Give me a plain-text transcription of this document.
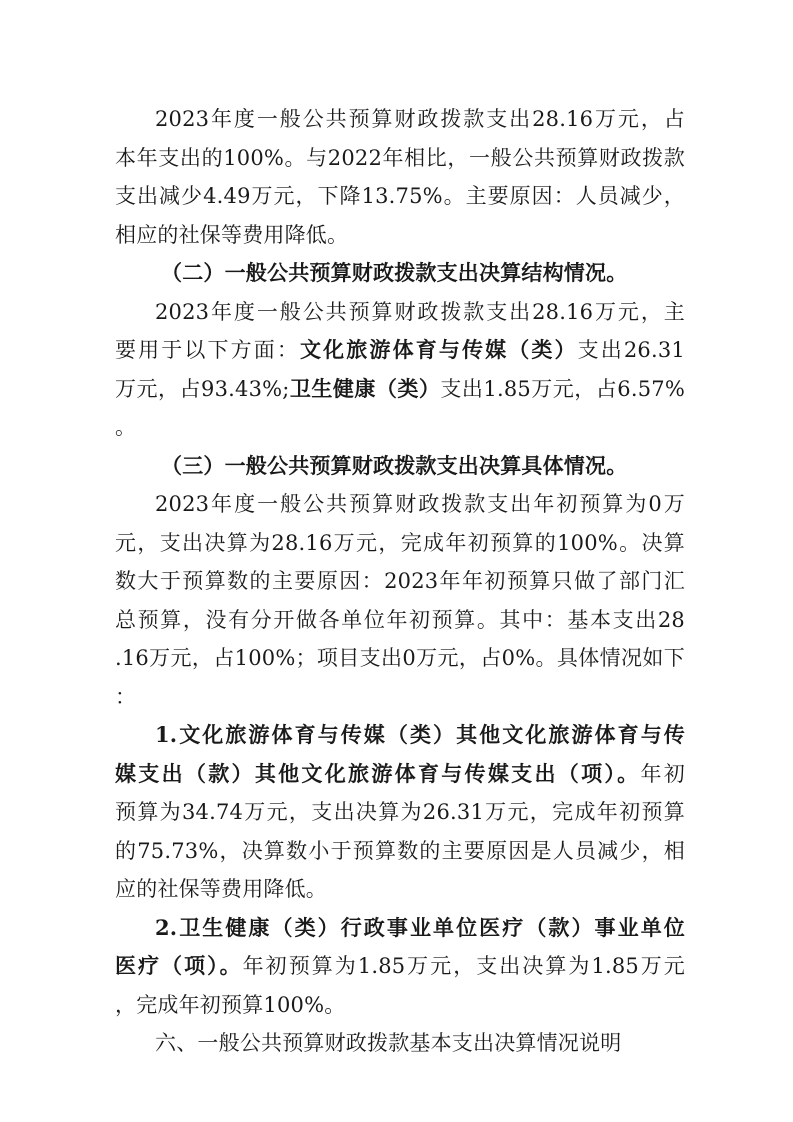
2023年度一般公共预算财政拨款支出28.16万元，占
本年支出的100%。与2022年相比，一般公共预算财政拨款
支出减少4.49万元，下降13.75%。主要原因：人员减少，
相应的社保等费用降低。
（二）一般公共预算财政拨款支出决算结构情况。
2023年度一般公共预算财政拨款支出28.16万元，主
要用于以下方面：文化旅游体育与传媒（类）支出26.31
万元，占93.43%;卫生健康（类）支出1.85万元，占6.57%
。
（三）一般公共预算财政拨款支出决算具体情况。
2023年度一般公共预算财政拨款支出年初预算为0万
元，支出决算为28.16万元，完成年初预算的100%。决算
数大于预算数的主要原因：2023年年初预算只做了部门汇
总预算，没有分开做各单位年初预算。其中：基本支出28
.16万元，占100%；项目支出0万元，占0%。具体情况如下
：
1.文化旅游体育与传媒（类）其他文化旅游体育与传
媒支出（款）其他文化旅游体育与传媒支出（项）。年初
预算为34.74万元，支出决算为26.31万元，完成年初预算
的75.73%，决算数小于预算数的主要原因是人员减少，相
应的社保等费用降低。
2.卫生健康（类）行政事业单位医疗（款）事业单位
医疗（项）。年初预算为1.85万元，支出决算为1.85万元
，完成年初预算100%。
六、一般公共预算财政拨款基本支出决算情况说明
